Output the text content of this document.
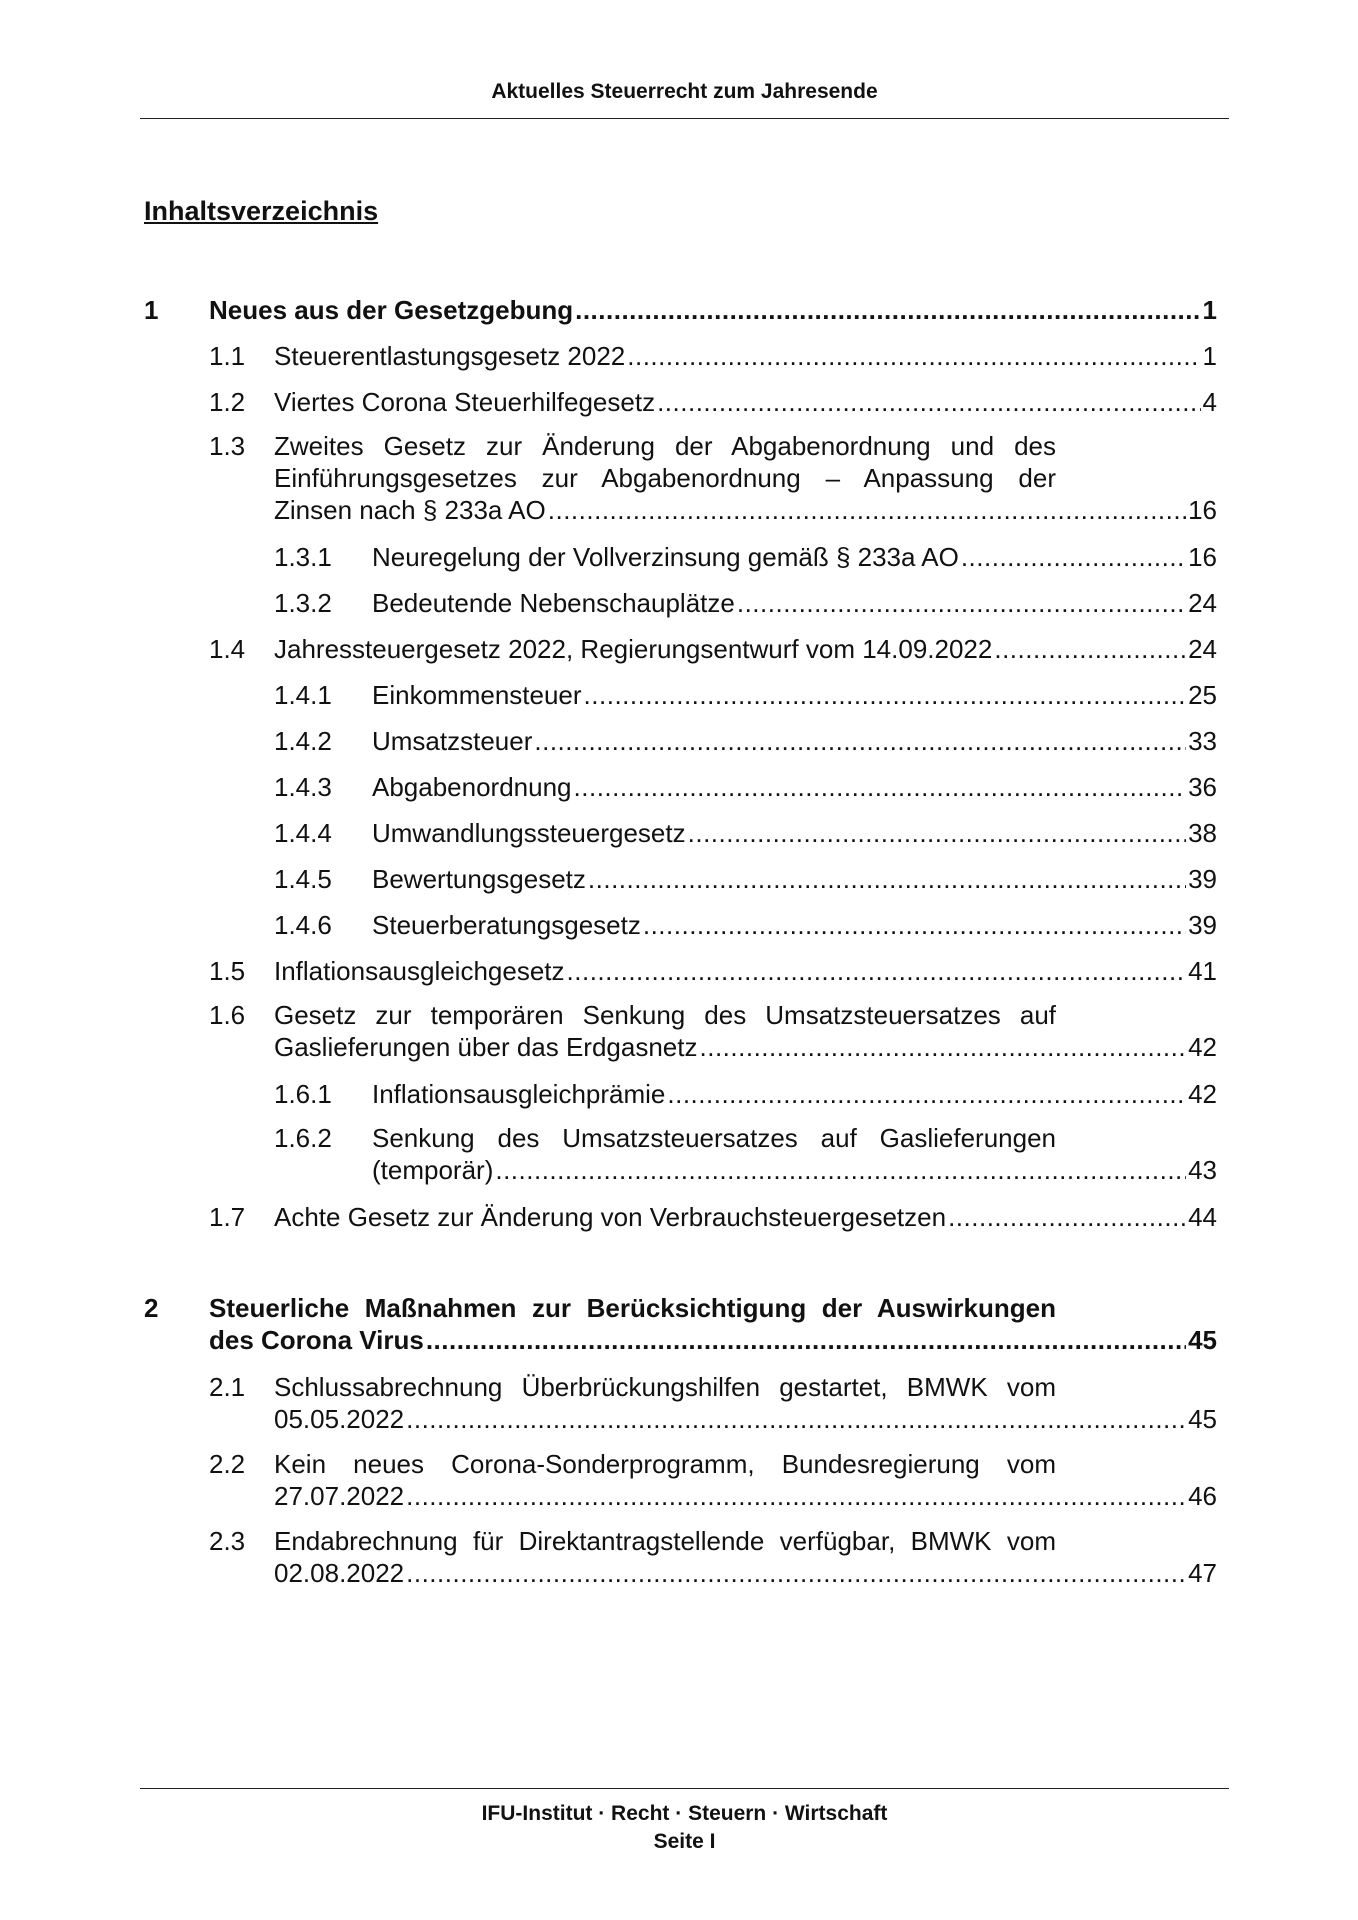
Aktuelles Steuerrecht zum Jahresende
Inhaltsverzeichnis
1 Neues aus der Gesetzgebung .....	1
1.1 Steuerentlastungsgesetz 2022 .....	1
1.2 Viertes Corona Steuerhilfegesetz .....	4
1.3 Zweites Gesetz zur Änderung der Abgabenordnung und des
Einführungsgesetzes zur Abgabenordnung – Anpassung der
Zinsen nach § 233a AO .....	16
1.3.1 Neuregelung der Vollverzinsung gemäß § 233a AO .....	16
1.3.2 Bedeutende Nebenschauplätze .....	24
1.4 Jahressteuergesetz 2022, Regierungsentwurf vom 14.09.2022 .....	24
1.4.1 Einkommensteuer .....	25
1.4.2 Umsatzsteuer .....	33
1.4.3 Abgabenordnung .....	36
1.4.4 Umwandlungssteuergesetz .....	38
1.4.5 Bewertungsgesetz .....	39
1.4.6 Steuerberatungsgesetz .....	39
1.5 Inflationsausgleichgesetz .....	41
1.6 Gesetz zur temporären Senkung des Umsatzsteuersatzes auf
Gaslieferungen über das Erdgasnetz .....	42
1.6.1 Inflationsausgleichprämie .....	42
1.6.2 Senkung des Umsatzsteuersatzes auf Gaslieferungen
(temporär) .....	43
1.7 Achte Gesetz zur Änderung von Verbrauchsteuergesetzen .....	44
2 Steuerliche Maßnahmen zur Berücksichtigung der Auswirkungen
des Corona Virus .....	45
2.1 Schlussabrechnung Überbrückungshilfen gestartet, BMWK vom
05.05.2022 .....	45
2.2 Kein neues Corona-Sonderprogramm, Bundesregierung vom
27.07.2022 .....	46
2.3 Endabrechnung für Direktantragstellende verfügbar, BMWK vom
02.08.2022 .....	47
IFU-Institut · Recht · Steuern · Wirtschaft
Seite I
